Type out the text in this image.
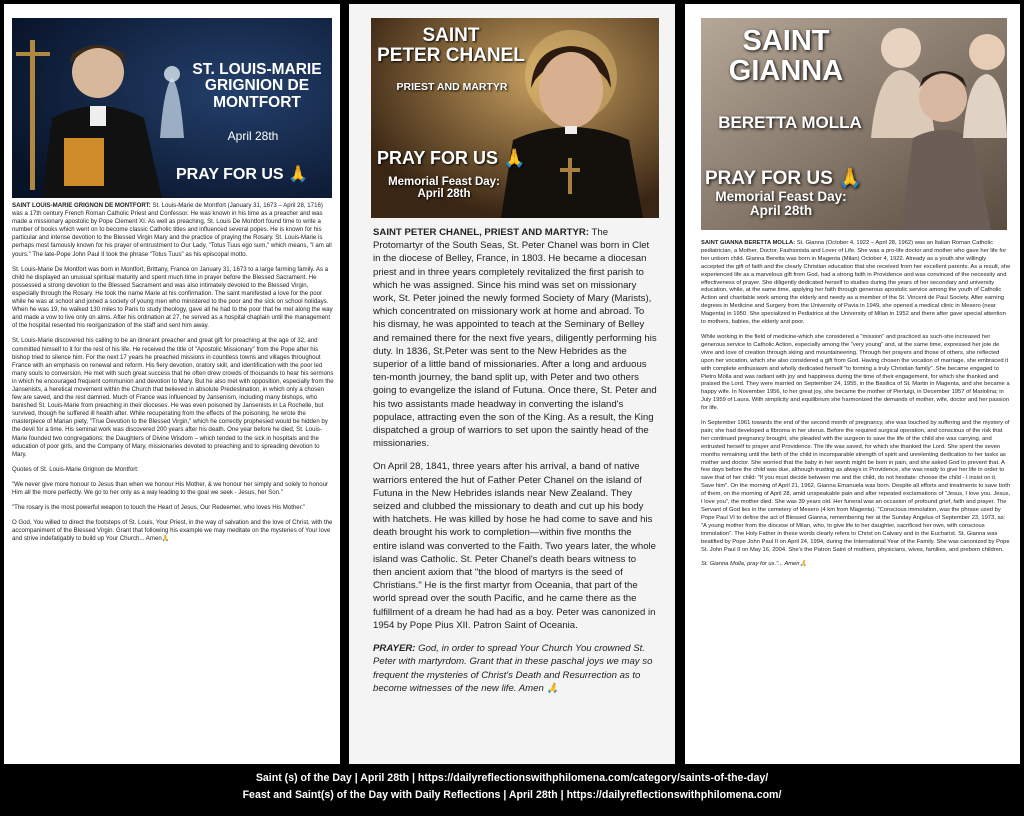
ST. LOUIS-MARIE
GRIGNION DE
MONTFORT
April 28th
PRAY FOR US 🙏

SAINT LOUIS-MARIE GRIGNON DE MONTFORT: St. Louis-Marie de Montfort (January 31, 1673 – April 28, 1716) was a 17th century French Roman Catholic Priest and Confessor. He was known in his time as a preacher and was made a missionary apostolic by Pope Clement XI. As well as preaching, St. Louis De Montfort found time to write a number of books which went on to become classic Catholic titles and influenced several popes. He is known for his particular and intense devotion to the Blessed Virgin Mary and the practice of praying the Rosary. St. Louis-Marie is perhaps most famously known for his prayer of entrustment to Our Lady, "Totus Tuus ego sum," which means, "I am all yours." The late-Pope John Paul II took the phrase "Totus Tuus" as his episcopal motto.

St. Louis-Marie De Montfort was born in Montfort, Brittany, France on January 31, 1673 to a large farming family. As a child he displayed an unusual spiritual maturity and spent much time in prayer before the Blessed Sacrament. He possessed a strong devotion to the Blessed Sacrament and was also intimately devoted to the Blessed Virgin, especially through the Rosary. He took the name Marie at his confirmation. The saint manifested a love for the poor while he was at school and joined a society of young men who ministered to the poor and the sick on school holidays. When he was 19, he walked 130 miles to Paris to study theology, gave all he had to the poor that he met along the way and made a vow to live only on alms. After his ordination at 27, he served as a hospital chaplain until the management of the hospital resented his reorganization of the staff and sent him away.

St. Louis-Marie discovered his calling to be an itinerant preacher and great gift for preaching at the age of 32, and committed himself to it for the rest of his life. He received the title of "Apostolic Missionary" from the Pope after his bishop tried to silence him. For the next 17 years he preached missions in countless towns and villages throughout France with an emphasis on renewal and reform. His fiery devotion, oratory skill, and identification with the poor led many souls to conversion. He met with such great success that he often drew crowds of thousands to hear his sermons in which he encouraged frequent communion and devotion to Mary. But he also met with opposition, especially from the Jansenists, a heretical movement within the Church that believed in absolute Predestination, in which only a chosen few are saved, and the rest damned. Much of France was influenced by Jansenism, including many bishops, who banished St. Louis-Marie from preaching in their dioceses. He was even poisoned by Jansenists in La Rochelle, but survived, though he suffered ill health after. While recuperating from the effects of the poisoning, he wrote the masterpiece of Marian piety, "True Devotion to the Blessed Virgin," which he correctly prophesied would be hidden by the devil for a time. His seminal work was discovered 200 years after his death. One year before he died, St. Louis-Marie founded two congregations: the Daughters of Divine Wisdom – which tended to the sick in hospitals and the education of poor girls, and the Company of Mary, missionaries devoted to preaching and to spreading devotion to Mary.

Quotes of St. Louis-Marie Grignon de Montfort:

"We never give more honour to Jesus than when we honour His Mother, & we honour her simply and solely to honour Him all the more perfectly. We go to her only as a way leading to the goal we seek - Jesus, her Son."

"The rosary is the most powerful weapon to touch the Heart of Jesus, Our Redeemer, who loves His Mother."

O God, You willed to direct the footsteps of St. Louis, Your Priest, in the way of salvation and the love of Christ, with the accompaniment of the Blessed Virgin. Grant that following his example we may meditate on the mysteries of Your love and strive indefatigably to build up Your Church... Amen🙏

SAINT
PETER CHANEL
PRIEST AND MARTYR
PRAY FOR US 🙏
Memorial Feast Day:
April 28th

SAINT PETER CHANEL, PRIEST AND MARTYR: The Protomartyr of the South Seas, St. Peter Chanel was born in Clet in the diocese of Belley, France, in 1803. He became a diocesan priest and in three years completely revitalized the first parish to which he was assigned. Since his mind was set on missionary work, St. Peter joined the newly formed Society of Mary (Marists), which concentrated on missionary work at home and abroad. To his dismay, he was appointed to teach at the Seminary of Belley and remained there for the next five years, diligently performing his duty. In 1836, St.Peter was sent to the New Hebrides as the superior of a little band of missionaries. After a long and arduous ten-month journey, the band split up, with Peter and two others going to evangelize the island of Futuna. Once there, St. Peter and his two assistants made headway in converting the island's populace, attracting even the son of the King. As a result, the King dispatched a group of warriors to set upon the saintly head of the missionaries.

On April 28, 1841, three years after his arrival, a band of native warriors entered the hut of Father Peter Chanel on the island of Futuna in the New Hebrides islands near New Zealand. They seized and clubbed the missionary to death and cut up his body with hatchets. He was killed by hose he had come to save and his death brought his work to completion—within five months the entire island was converted to the Faith. Two years later, the whole island was Catholic. St. Peter Chanel's death bears witness to then ancient axiom that "the blood of martyrs is the seed of Christians." He is the first martyr from Oceania, that part of the world spread over the south Pacific, and he came there as the fulfillment of a dream he had had as a boy. Peter was canonized in 1954 by Pope Pius XII. Patron Saint of Oceania.

PRAYER: God, in order to spread Your Church You crowned St. Peter with martyrdom. Grant that in these paschal joys we may so frequent the mysteries of Christ's Death and Resurrection as to become witnesses of the new life. Amen 🙏

SAINT
GIANNA
BERETTA MOLLA
PRAY FOR US 🙏
Memorial Feast Day:
April 28th

SAINT GIANNA BERETTA MOLLA: St. Gianna (October 4, 1922 – April 28, 1962) was an Italian Roman Catholic pediatrician, a Mother, Doctor, Fashionista and Lover of Life. She was a pro-life doctor and mother who gave her life for her unborn child. Gianna Beretta was born in Magenta (Milan) October 4, 1922. Already as a youth she willingly accepted the gift of faith and the clearly Christian education that she received from her excellent parents. As a result, she experienced life as a marvelous gift from God, had a strong faith in Providence and was convinced of the necessity and effectiveness of prayer. She diligently dedicated herself to studies during the years of her secondary and university education, while, at the same time, applying her faith through generous apostolic service among the youth of Catholic Action and charitable work among the elderly and needy as a member of the St. Vincent de Paul Society. After earning degrees in Medicine and Surgery from the University of Pavia in 1949, she opened a medical clinic in Mesero (near Magenta) in 1950. She specialized in Pediatrics at the University of Milan in 1952 and there after gave special attention to mothers, babies, the elderly and poor.

While working in the field of medicine-which she considered a "mission" and practiced as such-she increased her generous service to Catholic Action, especially among the "very young" and, at the same time, expressed her joie de vivre and love of creation through skiing and mountaineering. Through her prayers and those of others, she reflected upon her vocation, which she also considered a gift from God. Having chosen the vocation of marriage, she embraced it with complete enthusiasm and wholly dedicated herself "to forming a truly Christian family". She became engaged to Pietro Molla and was radiant with joy and happiness during the time of their engagement, for which she thanked and praised the Lord. They were married on September 24, 1955, in the Basilica of St. Martin in Magenta, and she became a happy wife. In November 1956, to her great joy, she became the mother of Pierluigi, in December 1957 of Mariolina; in July 1959 of Laura. With simplicity and equilibrium she harmonized the demands of mother, wife, doctor and her passion for life.

In September 1961 towards the end of the second month of pregnancy, she was touched by suffering and the mystery of pain; she had developed a fibroma in her uterus. Before the required surgical operation, and conscious of the risk that her continued pregnancy brought, she pleaded with the surgeon to save the life of the child she was carrying, and entrusted herself to prayer and Providence. The life was saved, for which she thanked the Lord. She spent the seven months remaining until the birth of the child in incomparable strength of spirit and unrelenting dedication to her tasks as mother and doctor. She worried that the baby in her womb might be born in pain, and she asked God to prevent that. A few days before the child was due, although trusting as always in Providence, she was ready to give her life in order to save that of her child: "If you must decide between me and the child, do not hesitate: choose the child - I insist on it. Save him". On the morning of April 21, 1962, Gianna Emanuela was born. Despite all efforts and treatments to save both of them, on the morning of April 28, amid unspeakable pain and after repeated exclamations of "Jesus, I love you. Jesus, I love you", the mother died. She was 39 years old. Her funeral was an occasion of profound grief, faith and prayer. The Servant of God lies in the cemetery of Mesero (4 km from Magenta). "Conscious immolation, was the phrase used by Pope Paul VI to define the act of Blessed Gianna, remembering her at the Sunday Angelus of September 23, 1973, as: "A young mother from the diocese of Milan, who, to give life to her daughter, sacrificed her own, with conscious immolation". The Holy Father in these words clearly refers to Christ on Calvary and in the Eucharist. St. Gianna was beatified by Pope John Paul II on April 24, 1994, during the International Year of the Family. She was canonized by Pope St. John Paul II on May 16, 2004. She's the Patron Saint of mothers, physicians, wives, families, and preborn children.

St. Gianna Molla, pray for us."... Amen🙏

Saint (s) of the Day | April 28th | https://dailyreflectionswithphilomena.com/category/saints-of-the-day/
Feast and Saint(s) of the Day with Daily Reflections | April 28th | https://dailyreflectionswithphilomena.com/
